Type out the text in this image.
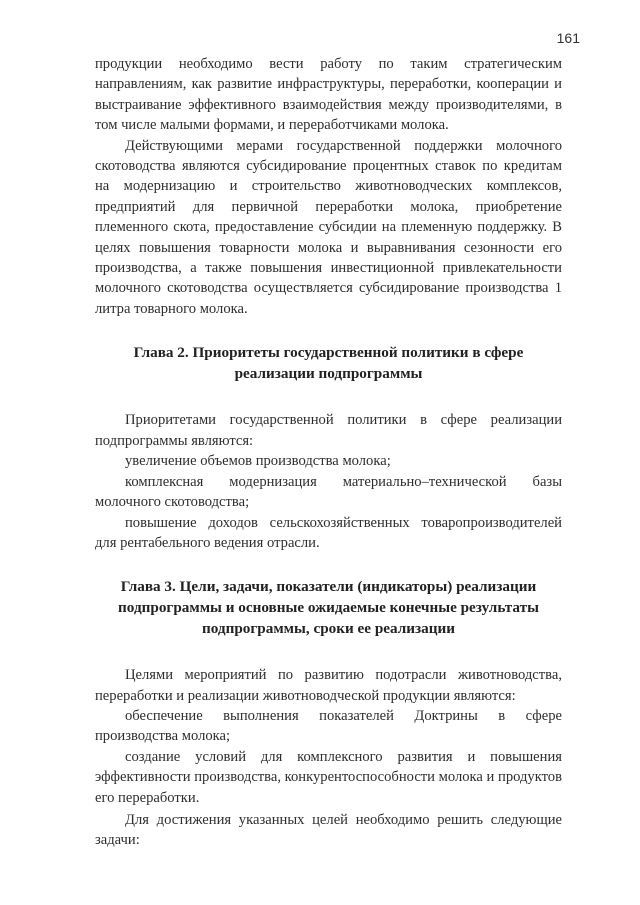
161

продукции необходимо вести работу по таким стратегическим направлениям, как развитие инфраструктуры, переработки, кооперации и выстраивание эффективного взаимодействия между производителями, в том числе малыми формами, и переработчиками молока.

Действующими мерами государственной поддержки молочного скотоводства являются субсидирование процентных ставок по кредитам на модернизацию и строительство животноводческих комплексов, предприятий для первичной переработки молока, приобретение племенного скота, предоставление субсидии на племенную поддержку. В целях повышения товарности молока и выравнивания сезонности его производства, а также повышения инвестиционной привлекательности молочного скотоводства осуществляется субсидирование производства 1 литра товарного молока.

Глава 2. Приоритеты государственной политики в сфере реализации подпрограммы

Приоритетами государственной политики в сфере реализации подпрограммы являются:

увеличение объемов производства молока;

комплексная модернизация материально–технической базы молочного скотоводства;

повышение доходов сельскохозяйственных товаропроизводителей для рентабельного ведения отрасли.

Глава 3. Цели, задачи, показатели (индикаторы) реализации подпрограммы и основные ожидаемые конечные результаты подпрограммы, сроки ее реализации

Целями мероприятий по развитию подотрасли животноводства, переработки и реализации животноводческой продукции являются:

обеспечение выполнения показателей Доктрины в сфере производства молока;

создание условий для комплексного развития и повышения эффективности производства, конкурентоспособности молока и продуктов его переработки.

Для достижения указанных целей необходимо решить следующие задачи:
